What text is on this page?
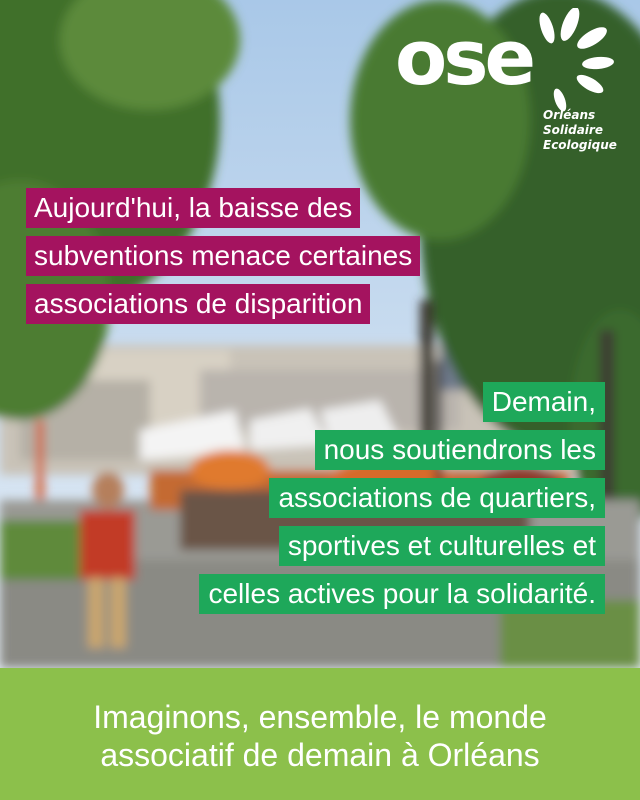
ose
Orléans
Solidaire
Ecologique
Aujourd'hui, la baisse des
subventions menace certaines
associations de disparition
Demain,
nous soutiendrons les
associations de quartiers,
sportives et culturelles et
celles actives pour la solidarité.
Imaginons, ensemble, le monde
associatif de demain à Orléans
